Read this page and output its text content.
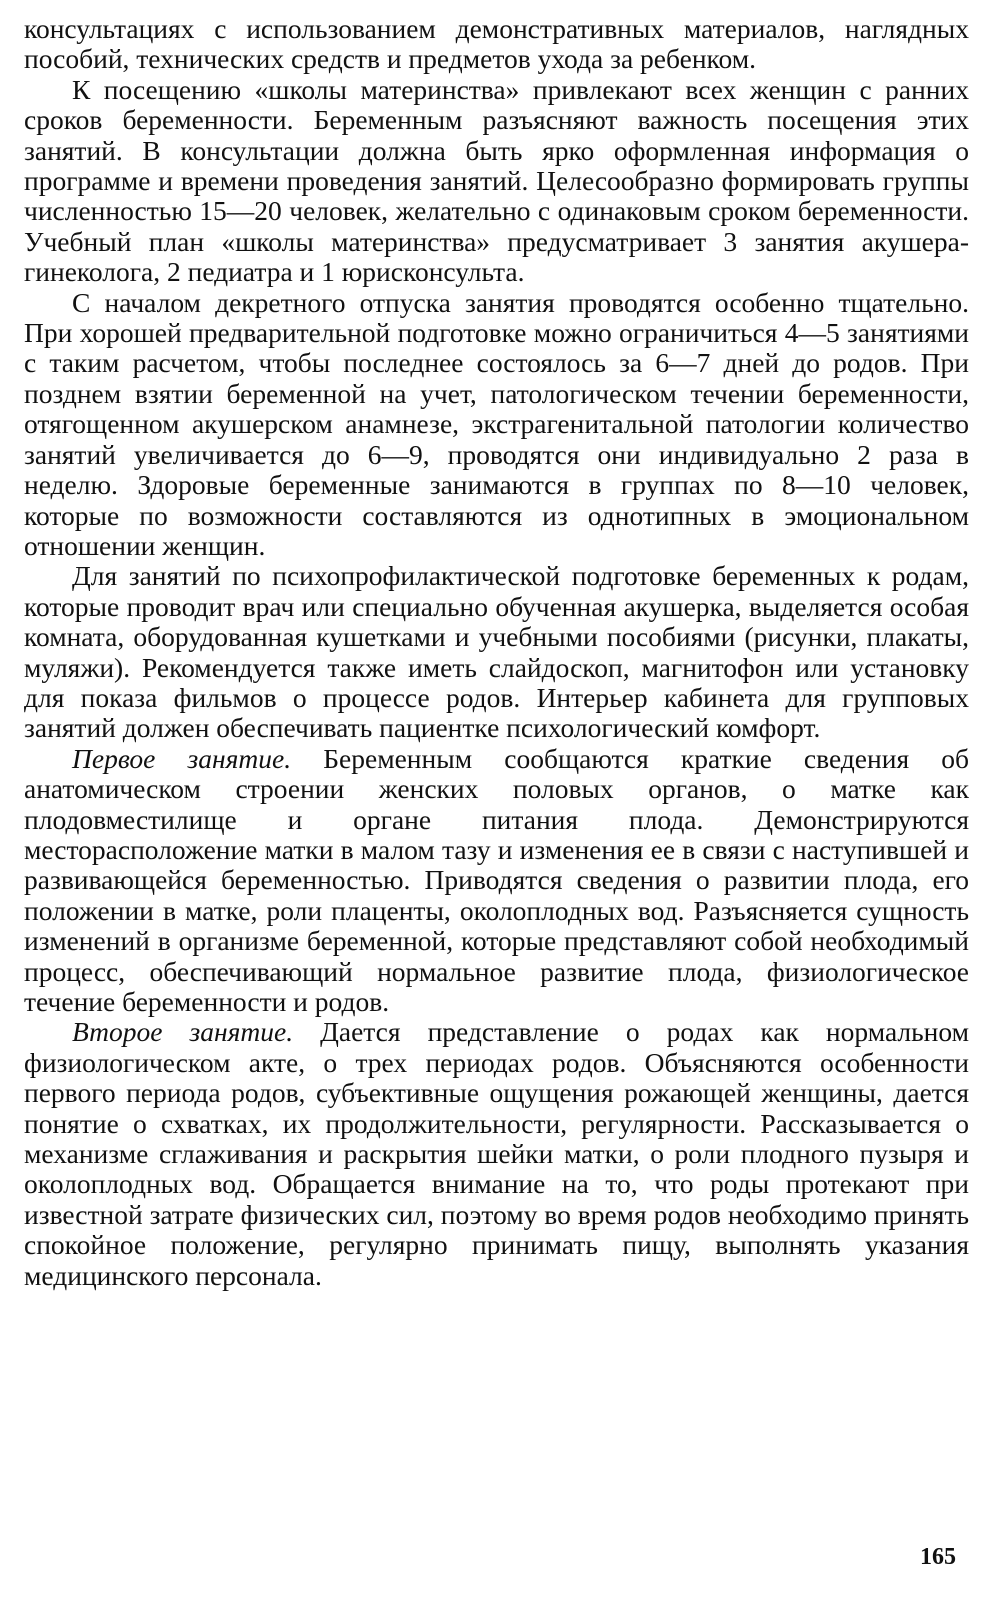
консультациях с использованием демонстративных материалов, наглядных пособий, технических средств и предметов ухода за ребенком.

К посещению «школы материнства» привлекают всех женщин с ранних сроков беременности. Беременным разъясняют важность посещения этих занятий. В консультации должна быть ярко оформленная информация о программе и времени проведения занятий. Целесообразно формировать группы численностью 15—20 человек, желательно с одинаковым сроком беременности. Учебный план «школы материнства» предусматривает 3 занятия акушера-гинеколога, 2 педиатра и 1 юрисконсульта.

С началом декретного отпуска занятия проводятся особенно тщательно. При хорошей предварительной подготовке можно ограничиться 4—5 занятиями с таким расчетом, чтобы последнее состоялось за 6—7 дней до родов. При позднем взятии беременной на учет, патологическом течении беременности, отягощенном акушерском анамнезе, экстрагенитальной патологии количество занятий увеличивается до 6—9, проводятся они индивидуально 2 раза в неделю. Здоровые беременные занимаются в группах по 8—10 человек, которые по возможности составляются из однотипных в эмоциональном отношении женщин.

Для занятий по психопрофилактической подготовке беременных к родам, которые проводит врач или специально обученная акушерка, выделяется особая комната, оборудованная кушетками и учебными пособиями (рисунки, плакаты, муляжи). Рекомендуется также иметь слайдоскоп, магнитофон или установку для показа фильмов о процессе родов. Интерьер кабинета для групповых занятий должен обеспечивать пациентке психологический комфорт.

Первое занятие. Беременным сообщаются краткие сведения об анатомическом строении женских половых органов, о матке как плодовместилище и органе питания плода. Демонстрируются месторасположение матки в малом тазу и изменения ее в связи с наступившей и развивающейся беременностью. Приводятся сведения о развитии плода, его положении в матке, роли плаценты, околоплодных вод. Разъясняется сущность изменений в организме беременной, которые представляют собой необходимый процесс, обеспечивающий нормальное развитие плода, физиологическое течение беременности и родов.

Второе занятие. Дается представление о родах как нормальном физиологическом акте, о трех периодах родов. Объясняются особенности первого периода родов, субъективные ощущения рожающей женщины, дается понятие о схватках, их продолжительности, регулярности. Рассказывается о механизме сглаживания и раскрытия шейки матки, о роли плодного пузыря и околоплодных вод. Обращается внимание на то, что роды протекают при известной затрате физических сил, поэтому во время родов необходимо принять спокойное положение, регулярно принимать пищу, выполнять указания медицинского персонала.

165
